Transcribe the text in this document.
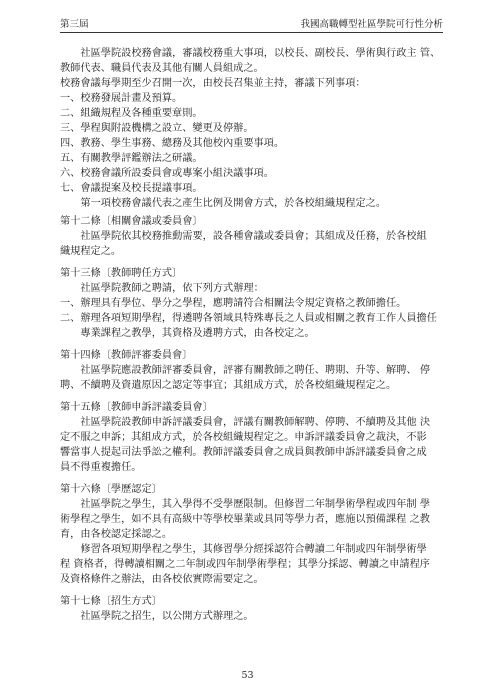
第三屆	我國高職轉型社區學院可行性分析

社區學院設校務會議，審議校務重大事項，以校長、副校長、學術與行政主 管、

教師代表、職員代表及其他有關人員組成之。

校務會議每學期至少召開一次，由校長召集並主持，審議下列事項：

一、校務發展計畫及預算。

二、組織規程及各種重要章則。

三、學程與附設機構之設立、變更及停辦。

四、教務、學生事務、總務及其他校內重要事項。

五、有關教學評鑑辦法之研議。

六、校務會議所設委員會或專案小組決議事項。

七、會議提案及校長提議事項。

第一項校務會議代表之產生比例及開會方式，於各校組織規程定之。

第十二條〔相關會議或委員會〕

社區學院依其校務推動需要，設各種會議或委員會；其組成及任務，於各校組

織規程定之。

第十三條〔教師聘任方式〕

社區學院教師之聘請，依下列方式辦理：

一、辦理具有學位、學分之學程，應聘請符合相關法令規定資格之教師擔任。

二、辦理各項短期學程，得遴聘各領域具特殊專長之人員或相關之教育工作人員擔任專業課程之教學，其資格及遴聘方式，由各校定之。

第十四條〔教師評審委員會〕

社區學院應設教師評審委員會，評審有關教師之聘任、聘期、升等、解聘、 停

聘、不續聘及資遣原因之認定等事宜；其組成方式，於各校組織規程定之。

第十五條〔教師申訴評議委員會〕

社區學院設教師申訴評議委員會，評議有關教師解聘、停聘、不續聘及其他 決

定不服之申訴；其組成方式，於各校組織規程定之。申訴評議委員會之裁決，不影

響當事人提起司法爭訟之權利。教師評議委員會之成員與教師申訴評議委員會之成

員不得重複擔任。

第十六條〔學歷認定〕

社區學院之學生，其入學得不受學歷限制。但修習二年制學術學程或四年制 學

術學程之學生，如不具有高級中等學校畢業或具同等學力者，應施以預備課程 之教

育，由各校認定採認之。

修習各項短期學程之學生，其修習學分經採認符合轉讀二年制或四年制學術學

程 資格者，得轉讀相關之二年制或四年制學術學程；其學分採認、轉讀之申請程序

及資格條件之辦法，由各校依實際需要定之。

第十七條〔招生方式〕

社區學院之招生，以公開方式辦理之。

53
